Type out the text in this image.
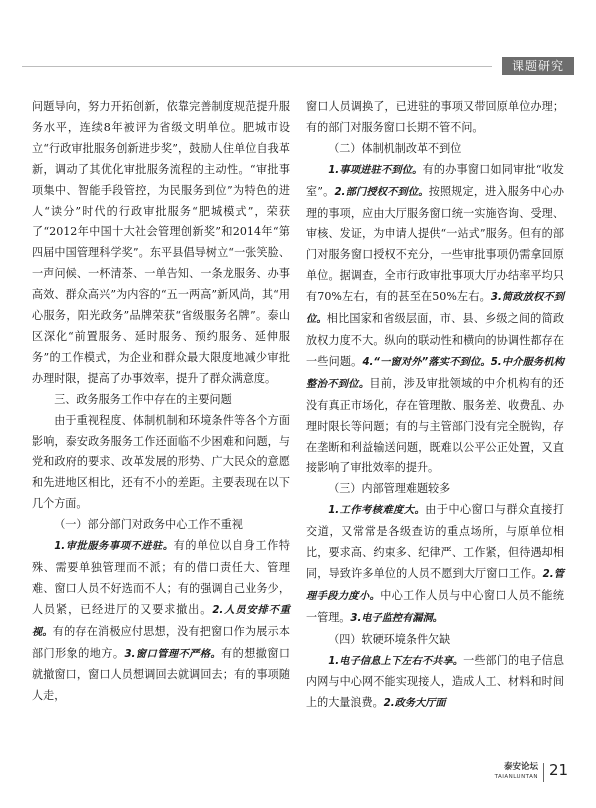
课题研究

问题导向，努力开拓创新，依靠完善制度规范提升服务水平，连续8年被评为省级文明单位。肥城市设立“行政审批服务创新进步奖”，鼓励人住单位自我革新，调动了其优化审批服务流程的主动性。“审批事项集中、智能手段管控，为民服务到位”为特色的进人“读分”时代的行政审批服务“肥城模式”，荣获了“2012年中国十大社会管理创新奖”和2014年“第四届中国管理科学奖”。东平县倡导树立“一张笑脸、一声问候、一杯清茶、一单告知、一条龙服务、办事高效、群众高兴”为内容的“五一两高”新风尚，其“用心服务，阳光政务”品牌荣获“省级服务名牌”。泰山区深化“前置服务、延时服务、预约服务、延伸服务”的工作模式，为企业和群众最大限度地减少审批办理时限，提高了办事效率，提升了群众满意度。

三、政务服务工作中存在的主要问题

由于重视程度、体制机制和环境条件等各个方面影响，泰安政务服务工作还面临不少困难和问题，与党和政府的要求、改革发展的形势、广大民众的意愿和先进地区相比，还有不小的差距。主要表现在以下几个方面。

（一）部分部门对政务中心工作不重视

1.审批服务事项不进驻。有的单位以自身工作特殊、需要单独管理而不派；有的借口责任大、管理难、窗口人员不好选而不人；有的强调自己业务少，人员紧，已经进厅的又要求撤出。2.人员安排不重视。有的存在消极应付思想，没有把窗口作为展示本部门形象的地方。3.窗口管理不严格。有的想撤窗口就撤窗口，窗口人员想调回去就调回去；有的事项随人走，

窗口人员调换了，已进驻的事项又带回原单位办理；有的部门对服务窗口长期不管不问。

（二）体制机制改革不到位

1.事项进驻不到位。有的办事窗口如同审批“收发室”。2.部门授权不到位。按照规定，进入服务中心办理的事项，应由大厅服务窗口统一实施咨询、受理、审核、发证，为申请人提供“一站式”服务。但有的部门对服务窗口授权不充分，一些审批事项仍需拿回原单位。据调查，全市行政审批事项大厅办结率平均只有70%左右，有的甚至在50%左右。3.简政放权不到位。相比国家和省级层面，市、县、乡级之间的简政放权力度不大。纵向的联动性和横向的协调性都存在一些问题。4.“一窗对外”落实不到位。5.中介服务机构整治不到位。目前，涉及审批领域的中介机构有的还没有真正市场化，存在管理散、服务差、收费乱、办理时限长等问题；有的与主管部门没有完全脱钩，存在垄断和利益输送问题，既难以公平公正处置，又直接影响了审批效率的提升。

（三）内部管理难题较多

1.工作考核难度大。由于中心窗口与群众直接打交道，又常常是各级查访的重点场所，与原单位相比，要求高、约束多、纪律严、工作紧，但待遇却相同，导致许多单位的人员不愿到大厅窗口工作。2.管理手段力度小。中心工作人员与中心窗口人员不能统一管理。3.电子监控有漏洞。

（四）软硬环境条件欠缺

1.电子信息上下左右不共享。一些部门的电子信息内网与中心网不能实现接人，造成人工、材料和时间上的大量浪费。2.政务大厅面

泰安论坛
TAIANLUNTAN 21
